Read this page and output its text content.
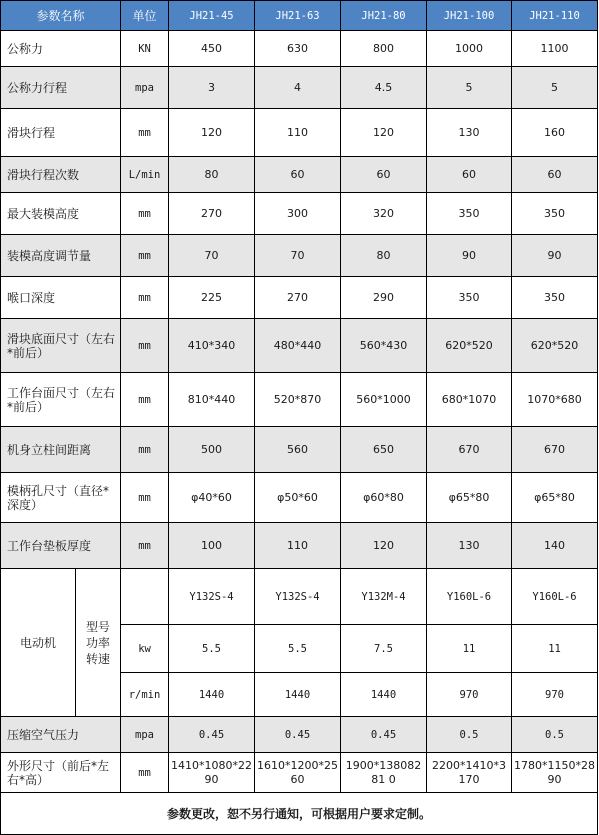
参数名称		单位	JH21-45	JH21-63	JH21-80	JH21-100	JH21-110
公称力		KN	450	630	800	1000	1100
公称力行程		mpa	3	4	4.5	5	5
滑块行程		mm	120	110	120	130	160
滑块行程次数		L/min	80	60	60	60	60
最大装模高度		mm	270	300	320	350	350
装模高度调节量		mm	70	70	80	90	90
喉口深度		mm	225	270	290	350	350
滑块底面尺寸（左右*前后）		mm	410*340	480*440	560*430	620*520	620*520
工作台面尺寸（左右*前后）		mm	810*440	520*870	560*1000	680*1070	1070*680
机身立柱间距离		mm	500	560	650	670	670
模柄孔尺寸（直径*深度）		mm	φ40*60	φ50*60	φ60*80	φ65*80	φ65*80
工作台垫板厚度		mm	100	110	120	130	140
电动机	型号功率转速		Y132S-4	Y132S-4	Y132M-4	Y160L-6	Y160L-6
		kw	5.5	5.5	7.5	11	11
		r/min	1440	1440	1440	970	970
压缩空气压力		mpa	0.45	0.45	0.45	0.5	0.5
外形尺寸（前后*左右*高）		mm	1410*1080*2290	1610*1200*2560	1900*13808281 0	2200*1410*3170	1780*1150*2890

参数更改，恕不另行通知，可根据用户要求定制。							
